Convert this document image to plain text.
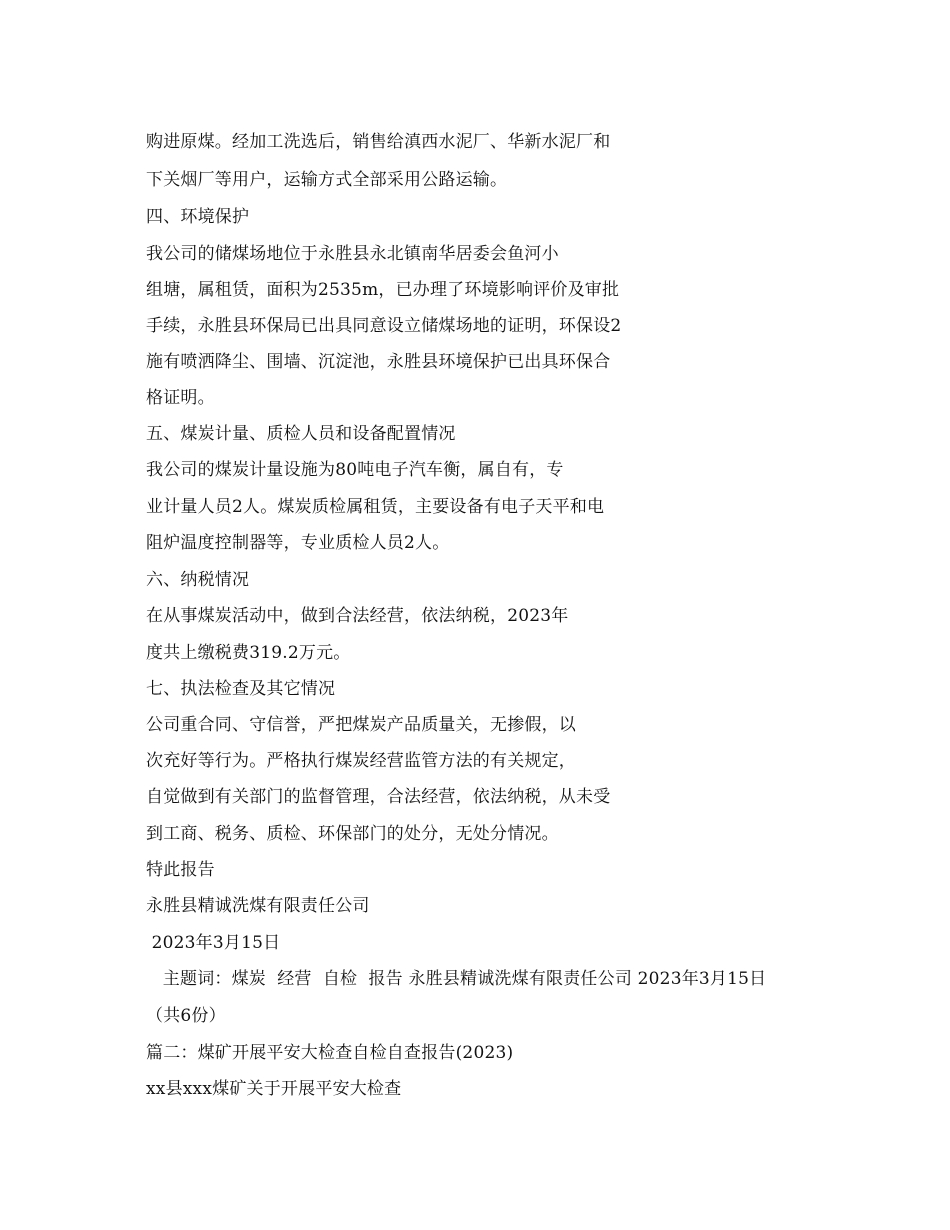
购进原煤。经加工洗选后，销售给滇西水泥厂、华新水泥厂和
下关烟厂等用户，运输方式全部采用公路运输。
四、环境保护
我公司的储煤场地位于永胜县永北镇南华居委会鱼河小
组塘，属租赁，面积为2535m，已办理了环境影响评价及审批
手续，永胜县环保局已出具同意设立储煤场地的证明，环保设2
施有喷洒降尘、围墙、沉淀池，永胜县环境保护已出具环保合
格证明。
五、煤炭计量、质检人员和设备配置情况
我公司的煤炭计量设施为80吨电子汽车衡，属自有，专
业计量人员2人。煤炭质检属租赁，主要设备有电子天平和电
阻炉温度控制器等，专业质检人员2人。
六、纳税情况
在从事煤炭活动中，做到合法经营，依法纳税，2023年
度共上缴税费319.2万元。
七、执法检查及其它情况
公司重合同、守信誉，严把煤炭产品质量关，无掺假，以
次充好等行为。严格执行煤炭经营监管方法的有关规定，
自觉做到有关部门的监督管理，合法经营，依法纳税，从未受
到工商、税务、质检、环保部门的处分，无处分情况。
特此报告
永胜县精诚洗煤有限责任公司
2023年3月15日
主题词：煤炭  经营  自检  报告 永胜县精诚洗煤有限责任公司 2023年3月15日
（共6份）
篇二：煤矿开展平安大检查自检自查报告(2023)
xx县xxx煤矿关于开展平安大检查
